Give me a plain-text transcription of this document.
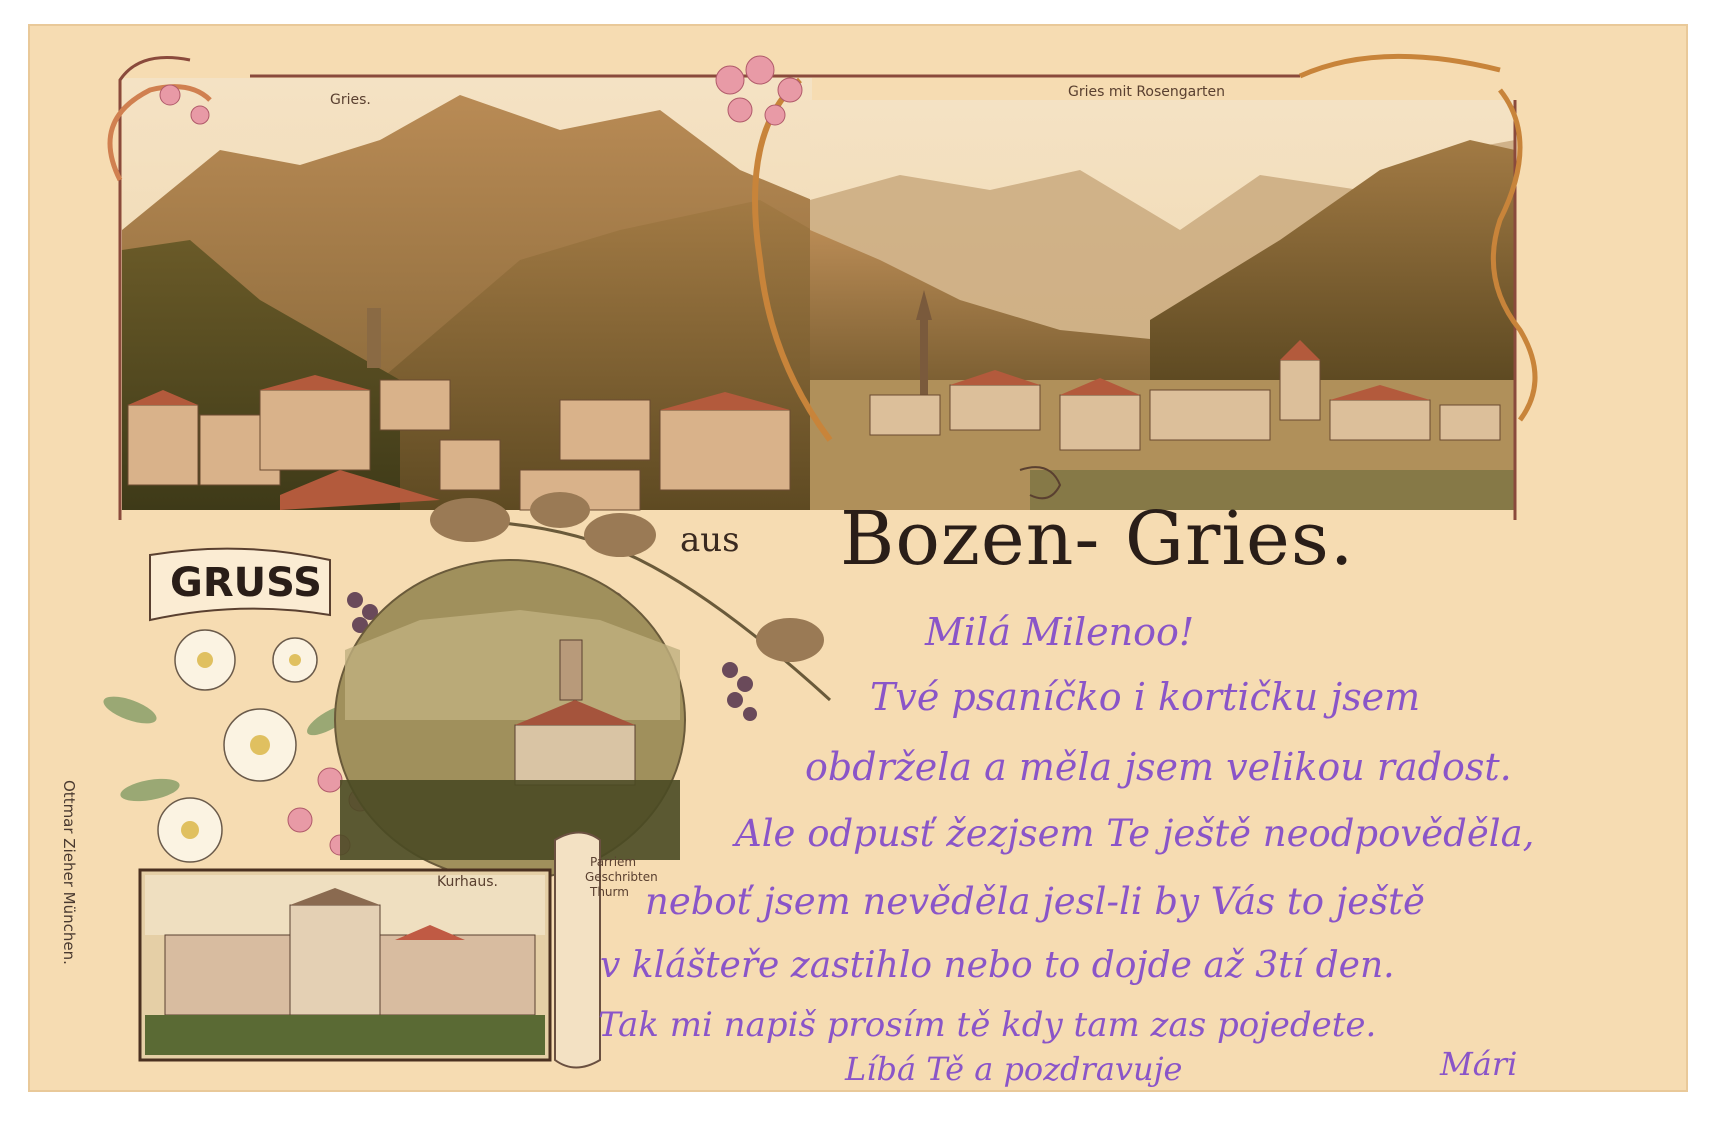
Gries.	Gries mit Rosengarten
Kurhaus.
Parriem
Geschribten
Thurm
aus Bozen- Gries.
GRUSS
Ottmar Zieher München.
Milá Milenoo!
Tvé psaníčko i kortičku jsem
obdržela a měla jsem velikou radost.
Ale odpusť žezjsem Te ještě neodpověděla,
neboť jsem nevěděla jesl-li by Vás to ještě
v klášteře zastihlo nebo to dojde až 3tí den.
Tak mi napiš prosím tě kdy tam zas pojedete.
Líbá Tě a pozdravuje	Mári
